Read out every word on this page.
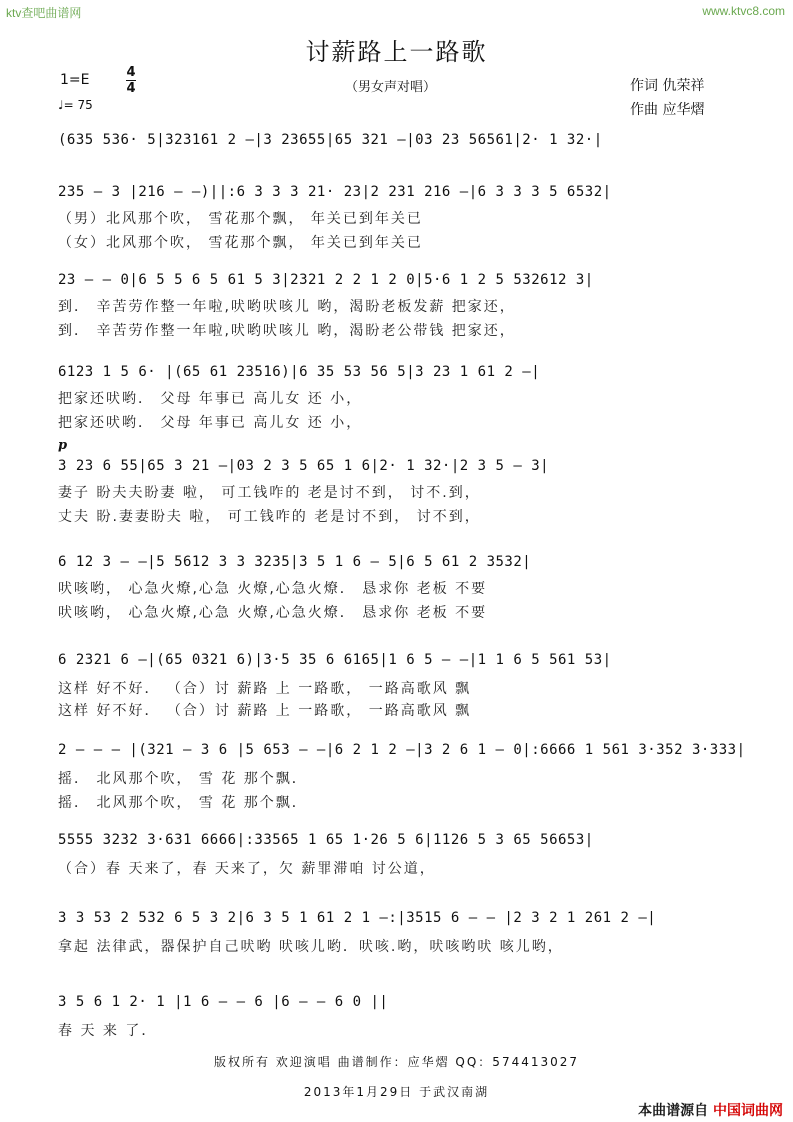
ktv查吧曲谱网	www.ktvc8.com
讨薪路上一路歌
1=E	4
4
♩= 75
（男女声对唱）	作词 仇荣祥
作曲 应华熠
(635 536· 5|323161 2 –|3 23655|65 321 –|03 23 56561|2· 1 32·|
235 – 3 |216 – –)||:6 3 3 3 21· 23|2 231 216 –|6 3 3 3 5 6532|
（男）北风那个吹， 雪花那个飘， 年关已到年关已
（女）北风那个吹， 雪花那个飘， 年关已到年关已
23 – – 0|6 5 5 6 5 61 5 3|2321 2 2 1 2 0|5·6 1 2 5 532612 3|
到． 辛苦劳作整一年啦,吠哟吠咳儿 哟，渴盼老板发薪 把家还，
到． 辛苦劳作整一年啦,吠哟吠咳儿 哟，渴盼老公带钱 把家还，
6123 1 5 6· |(65 61 23516)|6 35 53 56 5|3 23 1 61 2 –|
把家还吠哟． 父母 年事已 高儿女 还 小，
把家还吠哟． 父母 年事已 高儿女 还 小，
p
3 23 6 55|65 3 21 –|03 2 3 5 65 1 6|2· 1 32·|2 3 5 – 3|
妻子 盼夫夫盼妻 啦， 可工钱咋的 老是讨不到， 讨不.到，
丈夫 盼.妻妻盼夫 啦， 可工钱咋的 老是讨不到， 讨不到，
6 12 3 – –|5 5612 3 3 3235|3 5 1 6 – 5|6 5 61 2 3532|
吠咳哟， 心急火燎,心急 火燎,心急火燎． 恳求你 老板 不要
吠咳哟， 心急火燎,心急 火燎,心急火燎． 恳求你 老板 不要
6 2321 6 –|(65 0321 6)|3·5 35 6 6165|1 6 5 – –|1 1 6 5 561 53|
这样 好不好． （合）讨 薪路 上 一路歌， 一路高歌风 飘
这样 好不好． （合）讨 薪路 上 一路歌， 一路高歌风 飘
2 – – – |(321 – 3 6 |5 653 – –|6 2 1 2 –|3 2 6 1 – 0|:6666 1 561 3·352 3·333|
摇． 北风那个吹， 雪 花 那个飘．
摇． 北风那个吹， 雪 花 那个飘．
5555 3232 3·631 6666|:33565 1 65 1·26 5 6|1126 5 3 65 56653|
（合）春 天来了，春 天来了，欠 薪罪滞咱 讨公道，
3 3 53 2 532 6 5 3 2|6 3 5 1 61 2 1 –:|3515 6 – – |2 3 2 1 261 2 –|
拿起 法律武，器保护自己吠哟 吠咳儿哟．吠咳.哟，吠咳哟吠 咳儿哟，
3 5 6 1 2· 1 |1 6 – – 6 |6 – – 6 0 ||
春 天 来 了．
版权所有 欢迎演唱 曲谱制作：应华熠 QQ：574413027
2013年1月29日 于武汉南湖
本曲谱源自 中国词曲网
